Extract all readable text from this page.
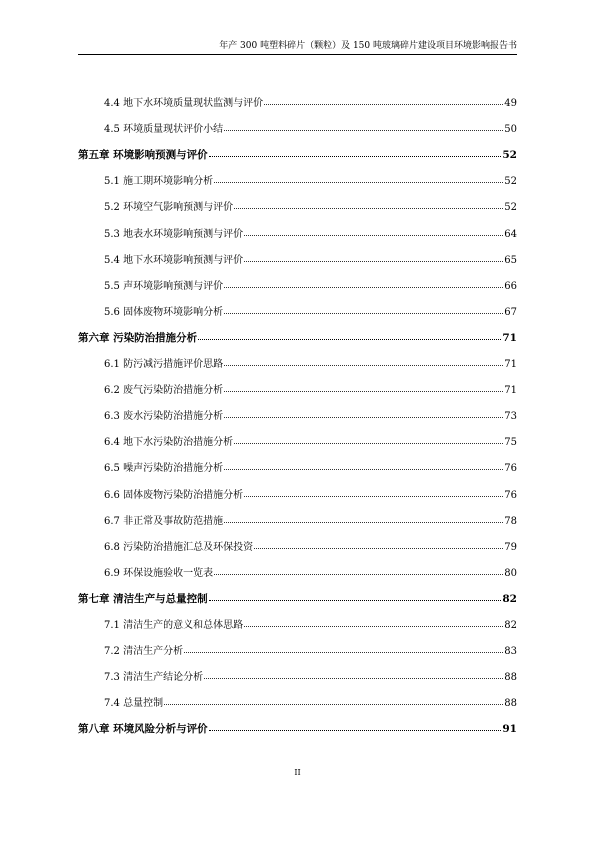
年产 300 吨塑料碎片（颗粒）及 150 吨玻璃碎片建设项目环境影响报告书
4.4 地下水环境质量现状监测与评价	49
4.5 环境质量现状评价小结	50
第五章 环境影响预测与评价	52
5.1 施工期环境影响分析	52
5.2 环境空气影响预测与评价	52
5.3 地表水环境影响预测与评价	64
5.4 地下水环境影响预测与评价	65
5.5 声环境影响预测与评价	66
5.6 固体废物环境影响分析	67
第六章 污染防治措施分析	71
6.1 防污减污措施评价思路	71
6.2 废气污染防治措施分析	71
6.3 废水污染防治措施分析	73
6.4 地下水污染防治措施分析	75
6.5 噪声污染防治措施分析	76
6.6 固体废物污染防治措施分析	76
6.7 非正常及事故防范措施	78
6.8 污染防治措施汇总及环保投资	79
6.9 环保设施验收一览表	80
第七章 清洁生产与总量控制	82
7.1 清洁生产的意义和总体思路	82
7.2 清洁生产分析	83
7.3 清洁生产结论分析	88
7.4 总量控制	88
第八章 环境风险分析与评价	91
II
